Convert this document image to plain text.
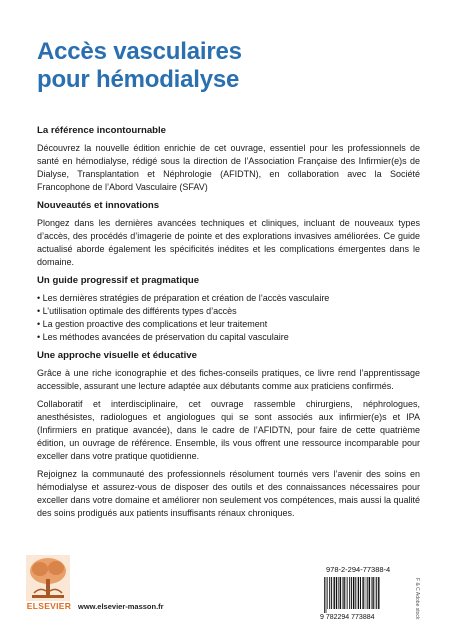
Accès vasculaires
pour hémodialyse
La référence incontournable

Découvrez la nouvelle édition enrichie de cet ouvrage, essentiel pour les professionnels de santé en hémodialyse, rédigé sous la direction de l’Association Française des Infirmier(e)s de Dialyse, Transplantation et Néphrologie (AFIDTN), en collaboration avec la Société Francophone de l’Abord Vasculaire (SFAV)

Nouveautés et innovations

Plongez dans les dernières avancées techniques et cliniques, incluant de nouveaux types d’accès, des procédés d’imagerie de pointe et des explorations invasives améliorées. Ce guide actualisé aborde également les spécificités inédites et les complications émergentes dans le domaine.

Un guide progressif et pragmatique
• Les dernières stratégies de préparation et création de l’accès vasculaire
• L’utilisation optimale des différents types d’accès
• La gestion proactive des complications et leur traitement
• Les méthodes avancées de préservation du capital vasculaire
Une approche visuelle et éducative

Grâce à une riche iconographie et des fiches-conseils pratiques, ce livre rend l’apprentissage accessible, assurant une lecture adaptée aux débutants comme aux praticiens confirmés.

Collaboratif et interdisciplinaire, cet ouvrage rassemble chirurgiens, néphrologues, anesthésistes, radiologues et angiologues qui se sont associés aux infirmier(e)s et IPA (Infirmiers en pratique avancée), dans le cadre de l’AFIDTN, pour faire de cette quatrième édition, un ouvrage de référence. Ensemble, ils vous offrent une ressource incomparable pour exceller dans votre pratique quotidienne.

Rejoignez la communauté des professionnels résolument tournés vers l’avenir des soins en hémodialyse et assurez-vous de disposer des outils et des connaissances nécessaires pour exceller dans votre domaine et améliorer non seulement vos compétences, mais aussi la qualité des soins prodigués aux patients insuffisants rénaux chroniques.

ELSEVIER www.elsevier-masson.fr
978-2-294-77388-4
9 782294 773884	F & C Adobe stock
